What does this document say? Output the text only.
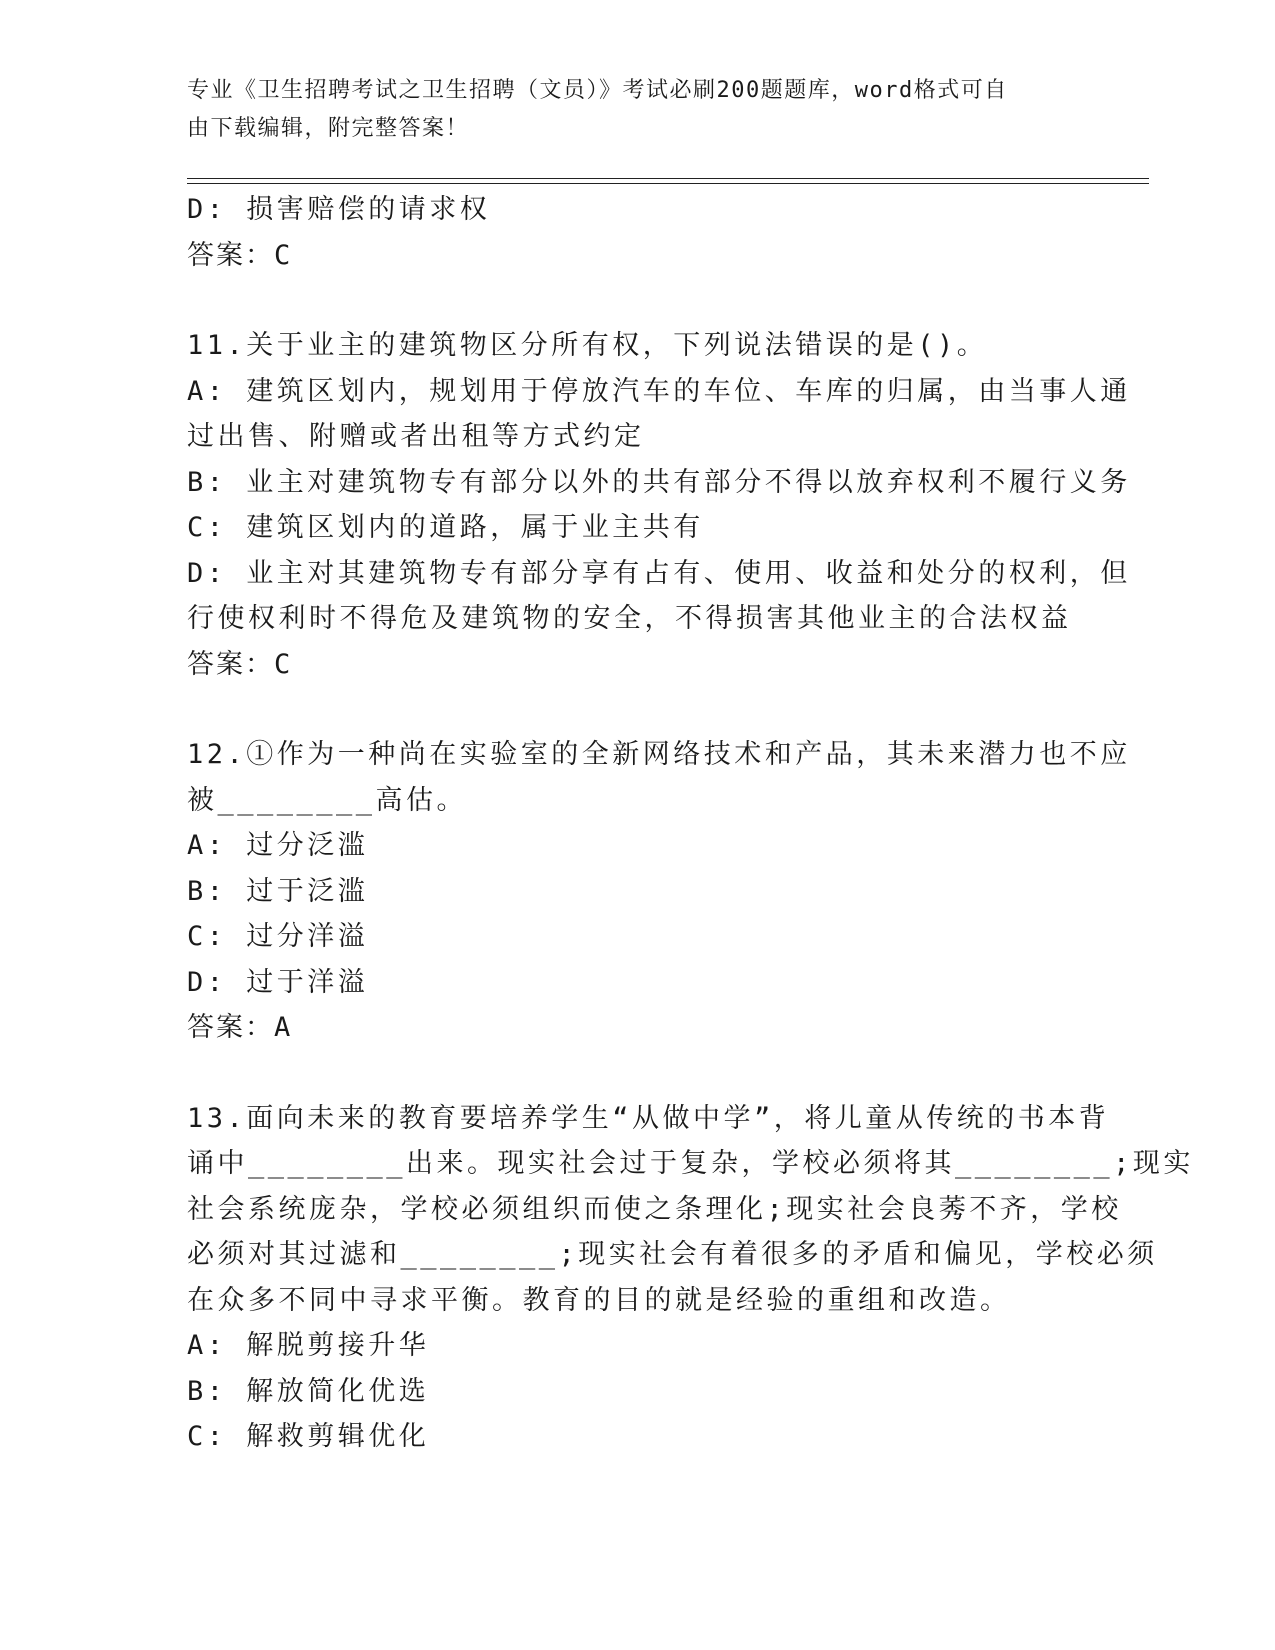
专业《卫生招聘考试之卫生招聘（文员）》考试必刷200题题库，word格式可自
由下载编辑，附完整答案！
D: 损害赔偿的请求权
答案：C
11.关于业主的建筑物区分所有权，下列说法错误的是()。
A: 建筑区划内，规划用于停放汽车的车位、车库的归属，由当事人通
过出售、附赠或者出租等方式约定
B: 业主对建筑物专有部分以外的共有部分不得以放弃权利不履行义务
C: 建筑区划内的道路，属于业主共有
D: 业主对其建筑物专有部分享有占有、使用、收益和处分的权利，但
行使权利时不得危及建筑物的安全，不得损害其他业主的合法权益
答案：C
12.①作为一种尚在实验室的全新网络技术和产品，其未来潜力也不应
被________高估。
A: 过分泛滥
B: 过于泛滥
C: 过分洋溢
D: 过于洋溢
答案：A
13.面向未来的教育要培养学生“从做中学”，将儿童从传统的书本背
诵中________出来。现实社会过于复杂，学校必须将其________;现实
社会系统庞杂，学校必须组织而使之条理化;现实社会良莠不齐，学校
必须对其过滤和________;现实社会有着很多的矛盾和偏见，学校必须
在众多不同中寻求平衡。教育的目的就是经验的重组和改造。
A: 解脱剪接升华
B: 解放简化优选
C: 解救剪辑优化
